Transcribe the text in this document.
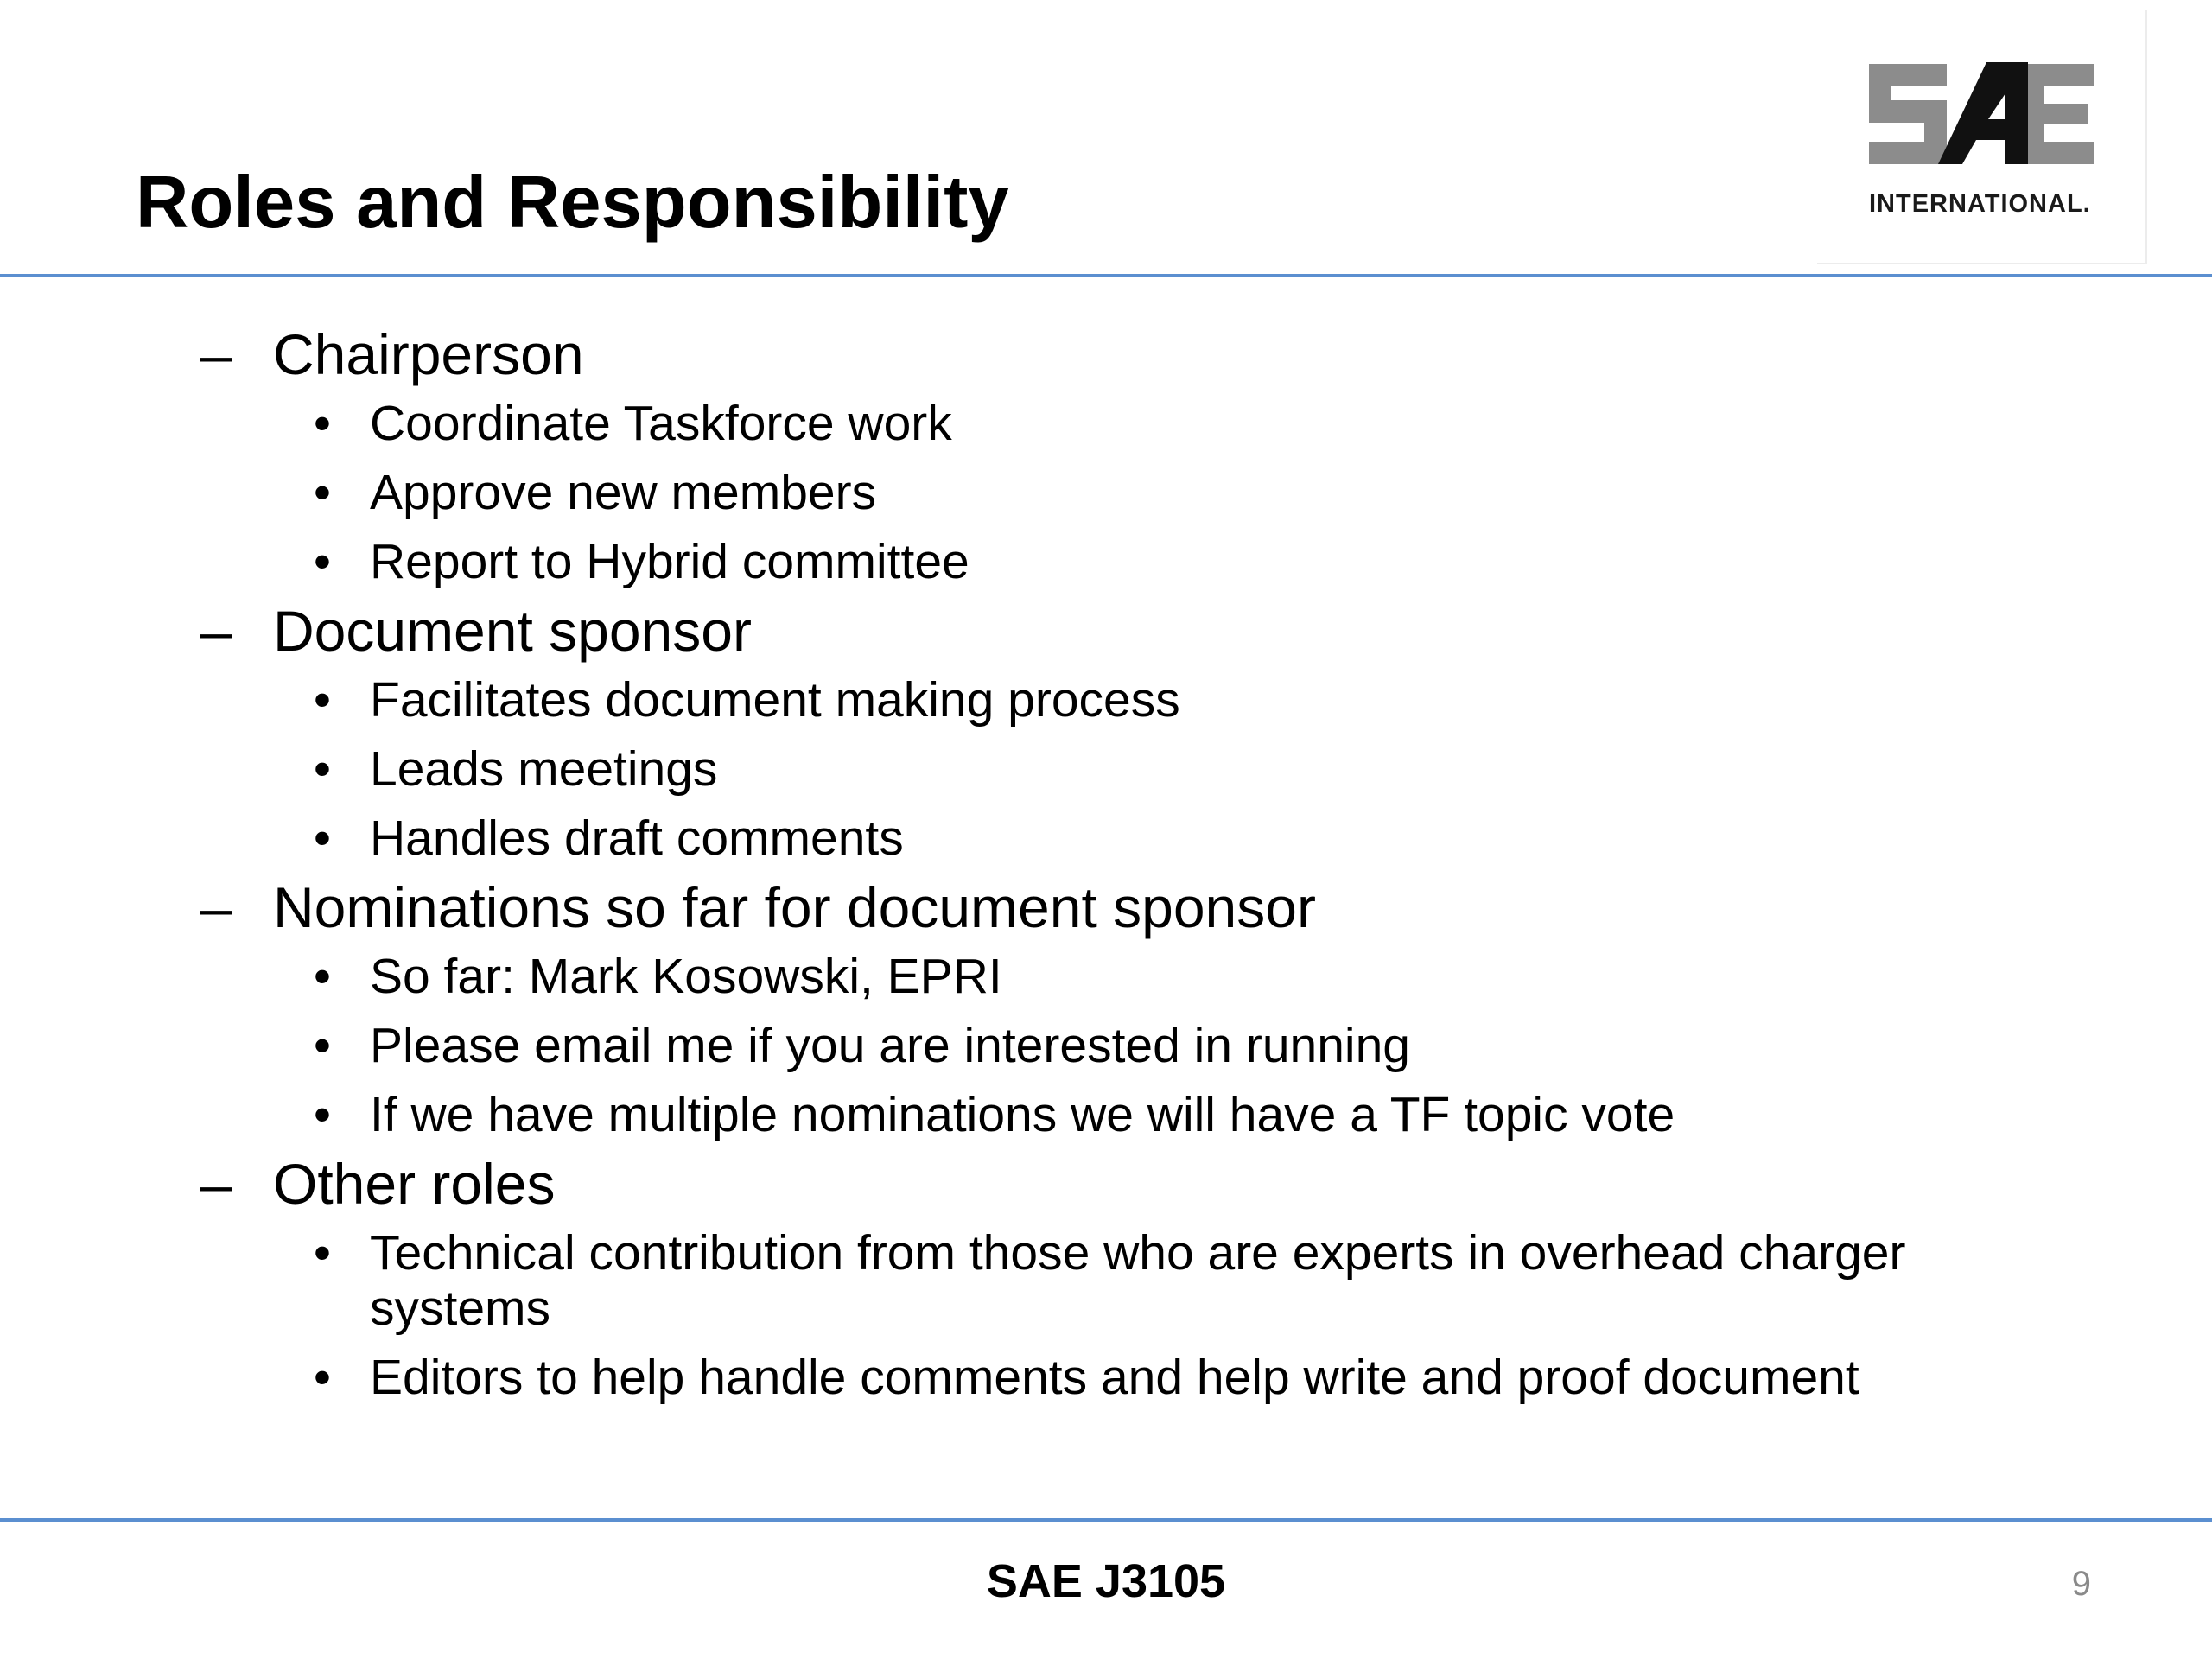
Roles and Responsibility	INTERNATIONAL.
– Chairperson
• Coordinate Taskforce work
• Approve new members
• Report to Hybrid committee
– Document sponsor
• Facilitates document making process
• Leads meetings
• Handles draft comments
– Nominations so far for document sponsor
• So far: Mark Kosowski, EPRI
• Please email me if you are interested in running
• If we have multiple nominations we will have a TF topic vote
– Other roles
• Technical contribution from those who are experts in overhead charger systems
• Editors to help handle comments and help write and proof document
SAE J3105	9
